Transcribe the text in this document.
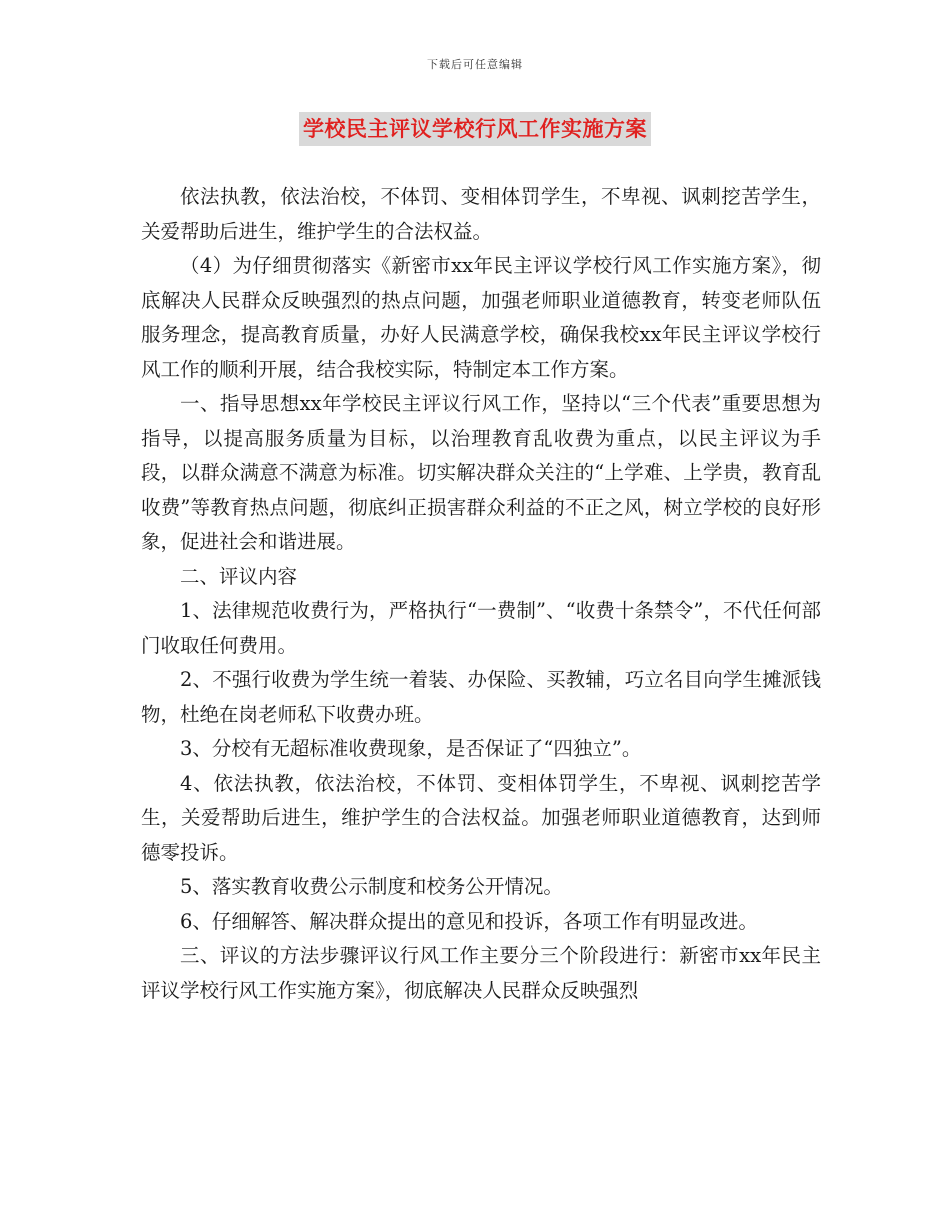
下载后可任意编辑
学校民主评议学校行风工作实施方案

依法执教，依法治校，不体罚、变相体罚学生，不卑视、讽刺挖苦学生，关爱帮助后进生，维护学生的合法权益。

（4）为仔细贯彻落实《新密市xx年民主评议学校行风工作实施方案》，彻底解决人民群众反映强烈的热点问题，加强老师职业道德教育，转变老师队伍服务理念，提高教育质量，办好人民满意学校，确保我校xx年民主评议学校行风工作的顺利开展，结合我校实际，特制定本工作方案。

一、指导思想xx年学校民主评议行风工作，坚持以“三个代表”重要思想为指导，以提高服务质量为目标，以治理教育乱收费为重点，以民主评议为手段，以群众满意不满意为标准。切实解决群众关注的“上学难、上学贵，教育乱收费”等教育热点问题，彻底纠正损害群众利益的不正之风，树立学校的良好形象，促进社会和谐进展。

二、评议内容

1、法律规范收费行为，严格执行“一费制”、“收费十条禁令”，不代任何部门收取任何费用。

2、不强行收费为学生统一着装、办保险、买教辅，巧立名目向学生摊派钱物，杜绝在岗老师私下收费办班。

3、分校有无超标准收费现象，是否保证了“四独立”。

4、依法执教，依法治校，不体罚、变相体罚学生，不卑视、讽刺挖苦学生，关爱帮助后进生，维护学生的合法权益。加强老师职业道德教育，达到师德零投诉。

5、落实教育收费公示制度和校务公开情况。

6、仔细解答、解决群众提出的意见和投诉，各项工作有明显改进。

三、评议的方法步骤评议行风工作主要分三个阶段进行：新密市xx年民主评议学校行风工作实施方案》，彻底解决人民群众反映强烈
